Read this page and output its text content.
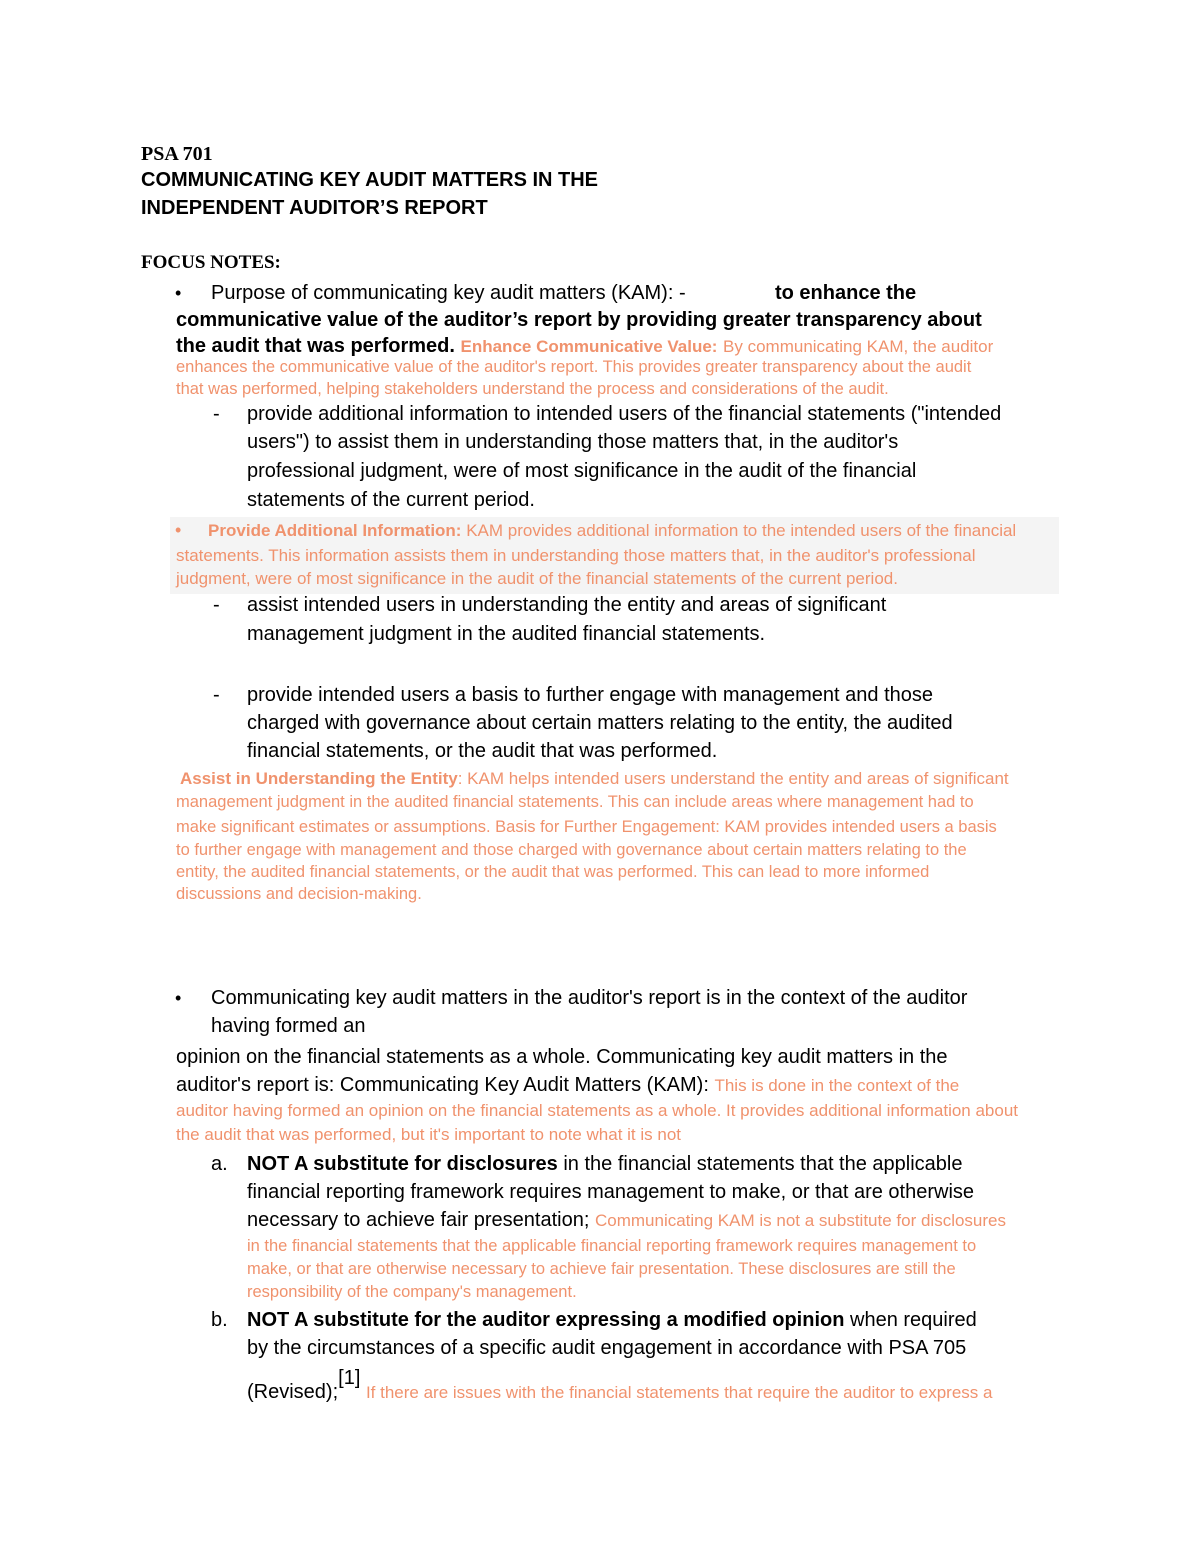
PSA 701
COMMUNICATING KEY AUDIT MATTERS IN THE
INDEPENDENT AUDITOR’S REPORT
FOCUS NOTES:
• Purpose of communicating key audit matters (KAM): -	to enhance the
communicative value of the auditor’s report by providing greater transparency about
the audit that was performed. Enhance Communicative Value: By communicating KAM, the auditor
enhances the communicative value of the auditor's report. This provides greater transparency about the audit
that was performed, helping stakeholders understand the process and considerations of the audit.
- provide additional information to intended users of the financial statements ("intended
users") to assist them in understanding those matters that, in the auditor's
professional judgment, were of most significance in the audit of the financial
statements of the current period.
• Provide Additional Information: KAM provides additional information to the intended users of the financial
statements. This information assists them in understanding those matters that, in the auditor's professional
judgment, were of most significance in the audit of the financial statements of the current period.
- assist intended users in understanding the entity and areas of significant
management judgment in the audited financial statements.
- provide intended users a basis to further engage with management and those
charged with governance about certain matters relating to the entity, the audited
financial statements, or the audit that was performed.
Assist in Understanding the Entity: KAM helps intended users understand the entity and areas of significant
management judgment in the audited financial statements. This can include areas where management had to
make significant estimates or assumptions. Basis for Further Engagement: KAM provides intended users a basis
to further engage with management and those charged with governance about certain matters relating to the
entity, the audited financial statements, or the audit that was performed. This can lead to more informed
discussions and decision-making.
• Communicating key audit matters in the auditor's report is in the context of the auditor
having formed an
opinion on the financial statements as a whole. Communicating key audit matters in the
auditor's report is: Communicating Key Audit Matters (KAM): This is done in the context of the
auditor having formed an opinion on the financial statements as a whole. It provides additional information about
the audit that was performed, but it's important to note what it is not
a. NOT A substitute for disclosures in the financial statements that the applicable
financial reporting framework requires management to make, or that are otherwise
necessary to achieve fair presentation; Communicating KAM is not a substitute for disclosures
in the financial statements that the applicable financial reporting framework requires management to
make, or that are otherwise necessary to achieve fair presentation. These disclosures are still the
responsibility of the company's management.
b. NOT A substitute for the auditor expressing a modified opinion when required
by the circumstances of a specific audit engagement in accordance with PSA 705
(Revised);[1] If there are issues with the financial statements that require the auditor to express a
